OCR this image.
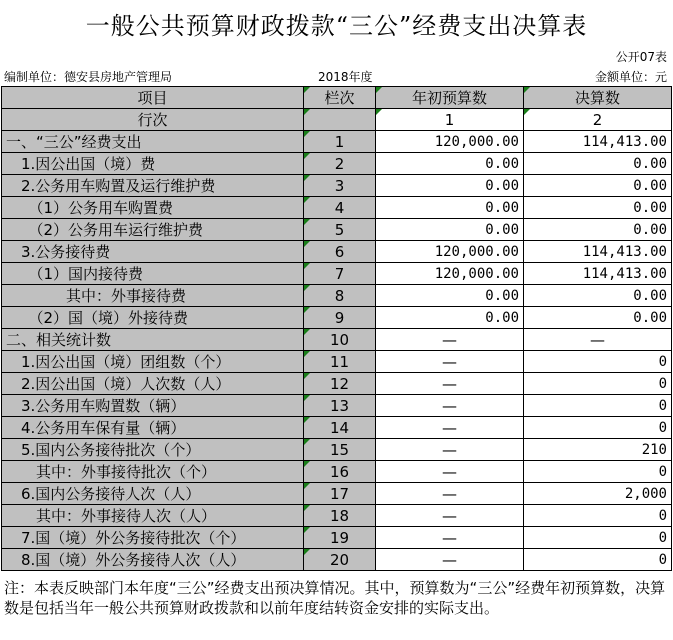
一般公共预算财政拨款“三公”经费支出决算表
公开07表
编制单位：德安县房地产管理局	2018年度	金额单位：元
项目	栏次	年初预算数	决算数
行次		1	2
一、“三公”经费支出	1	120,000.00	114,413.00
　1.因公出国（境）费	2	0.00	0.00
　2.公务用车购置及运行维护费	3	0.00	0.00
　　（1）公务用车购置费	4	0.00	0.00
　　（2）公务用车运行维护费	5	0.00	0.00
　3.公务接待费	6	120,000.00	114,413.00
　　（1）国内接待费	7	120,000.00	114,413.00
　　　　其中：外事接待费	8	0.00	0.00
　　（2）国（境）外接待费	9	0.00	0.00
二、相关统计数	10	—	—
　1.因公出国（境）团组数（个）	11	—	0
　2.因公出国（境）人次数（人）	12	—	0
　3.公务用车购置数（辆）	13	—	0
　4.公务用车保有量（辆）	14	—	0
　5.国内公务接待批次（个）	15	—	210
　　其中：外事接待批次（个）	16	—	0
　6.国内公务接待人次（人）	17	—	2,000
　　其中：外事接待人次（人）	18	—	0
　7.国（境）外公务接待批次（个）	19	—	0
　8.国（境）外公务接待人次（人）	20	—	0
注：本表反映部门本年度“三公”经费支出预决算情况。其中，预算数为“三公”经费年初预算数，决算数是包括当年一般公共预算财政拨款和以前年度结转资金安排的实际支出。
